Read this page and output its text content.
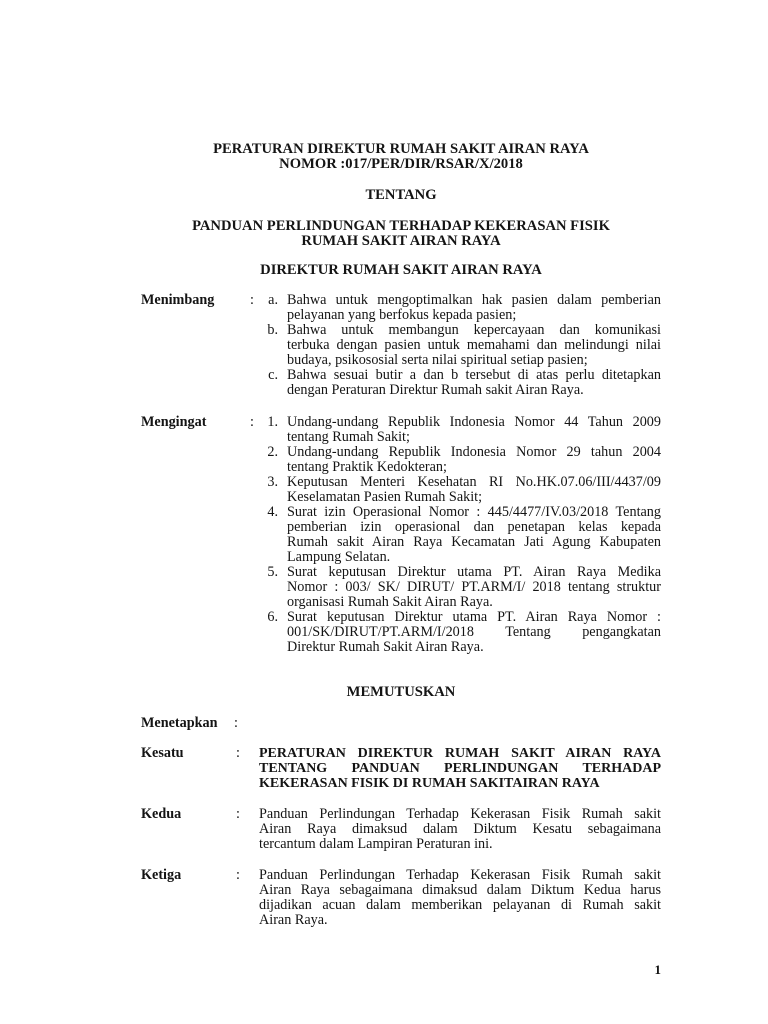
PERATURAN DIREKTUR RUMAH SAKIT AIRAN RAYA
NOMOR :017/PER/DIR/RSAR/X/2018
TENTANG
PANDUAN PERLINDUNGAN TERHADAP KEKERASAN FISIK
RUMAH SAKIT AIRAN RAYA
DIREKTUR RUMAH SAKIT AIRAN RAYA
Menimbang	: a. Bahwa untuk mengoptimalkan hak pasien dalam pemberian
pelayanan yang berfokus kepada pasien;
b. Bahwa untuk membangun kepercayaan dan komunikasi
terbuka dengan pasien untuk memahami dan melindungi nilai
budaya, psikososial serta nilai spiritual setiap pasien;
c. Bahwa sesuai butir a dan b tersebut di atas perlu ditetapkan
dengan Peraturan Direktur Rumah sakit Airan Raya.
Mengingat	: 1. Undang-undang Republik Indonesia Nomor 44 Tahun 2009
tentang Rumah Sakit;
2. Undang-undang Republik Indonesia Nomor 29 tahun 2004
tentang Praktik Kedokteran;
3. Keputusan Menteri Kesehatan RI No.HK.07.06/III/4437/09
Keselamatan Pasien Rumah Sakit;
4. Surat izin Operasional Nomor : 445/4477/IV.03/2018 Tentang
pemberian izin operasional dan penetapan kelas kepada
Rumah sakit Airan Raya Kecamatan Jati Agung Kabupaten
Lampung Selatan.
5. Surat keputusan Direktur utama PT. Airan Raya Medika
Nomor : 003/ SK/ DIRUT/ PT.ARM/I/ 2018 tentang struktur
organisasi Rumah Sakit Airan Raya.
6. Surat keputusan Direktur utama PT. Airan Raya Nomor :
001/SK/DIRUT/PT.ARM/I/2018 Tentang pengangkatan
Direktur Rumah Sakit Airan Raya.
MEMUTUSKAN
Menetapkan :
Kesatu	: PERATURAN DIREKTUR RUMAH SAKIT AIRAN RAYA
TENTANG PANDUAN PERLINDUNGAN TERHADAP
KEKERASAN FISIK DI RUMAH SAKITAIRAN RAYA
Kedua	: Panduan Perlindungan Terhadap Kekerasan Fisik Rumah sakit
Airan Raya dimaksud dalam Diktum Kesatu sebagaimana
tercantum dalam Lampiran Peraturan ini.
Ketiga	: Panduan Perlindungan Terhadap Kekerasan Fisik Rumah sakit
Airan Raya sebagaimana dimaksud dalam Diktum Kedua harus
dijadikan acuan dalam memberikan pelayanan di Rumah sakit
Airan Raya.
1
